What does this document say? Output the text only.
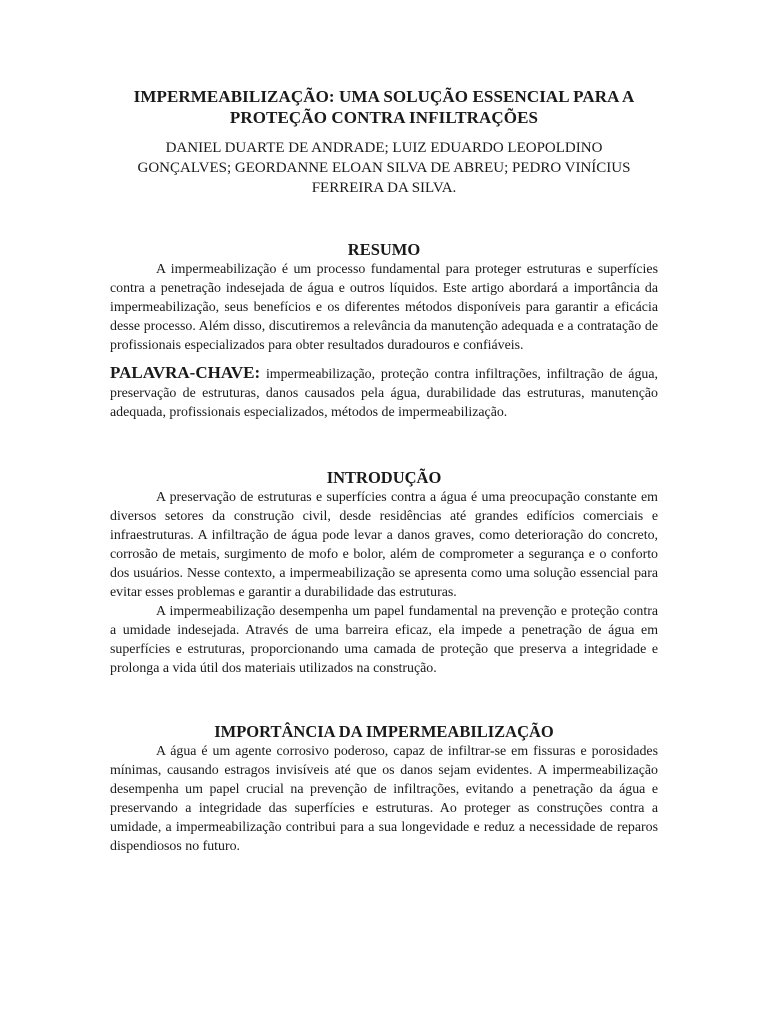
IMPERMEABILIZAÇÃO: UMA SOLUÇÃO ESSENCIAL PARA A
PROTEÇÃO CONTRA INFILTRAÇÕES
DANIEL DUARTE DE ANDRADE; LUIZ EDUARDO LEOPOLDINO
GONÇALVES; GEORDANNE ELOAN SILVA DE ABREU; PEDRO VINÍCIUS
FERREIRA DA SILVA.
RESUMO

A impermeabilização é um processo fundamental para proteger estruturas e superfícies contra a penetração indesejada de água e outros líquidos. Este artigo abordará a importância da impermeabilização, seus benefícios e os diferentes métodos disponíveis para garantir a eficácia desse processo. Além disso, discutiremos a relevância da manutenção adequada e a contratação de profissionais especializados para obter resultados duradouros e confiáveis.

PALAVRA-CHAVE: impermeabilização, proteção contra infiltrações, infiltração de água, preservação de estruturas, danos causados pela água, durabilidade das estruturas, manutenção adequada, profissionais especializados, métodos de impermeabilização.

INTRODUÇÃO

A preservação de estruturas e superfícies contra a água é uma preocupação constante em diversos setores da construção civil, desde residências até grandes edifícios comerciais e infraestruturas. A infiltração de água pode levar a danos graves, como deterioração do concreto, corrosão de metais, surgimento de mofo e bolor, além de comprometer a segurança e o conforto dos usuários. Nesse contexto, a impermeabilização se apresenta como uma solução essencial para evitar esses problemas e garantir a durabilidade das estruturas.

A impermeabilização desempenha um papel fundamental na prevenção e proteção contra a umidade indesejada. Através de uma barreira eficaz, ela impede a penetração de água em superfícies e estruturas, proporcionando uma camada de proteção que preserva a integridade e prolonga a vida útil dos materiais utilizados na construção.

IMPORTÂNCIA DA IMPERMEABILIZAÇÃO

A água é um agente corrosivo poderoso, capaz de infiltrar-se em fissuras e porosidades mínimas, causando estragos invisíveis até que os danos sejam evidentes. A impermeabilização desempenha um papel crucial na prevenção de infiltrações, evitando a penetração da água e preservando a integridade das superfícies e estruturas. Ao proteger as construções contra a umidade, a impermeabilização contribui para a sua longevidade e reduz a necessidade de reparos dispendiosos no futuro.
